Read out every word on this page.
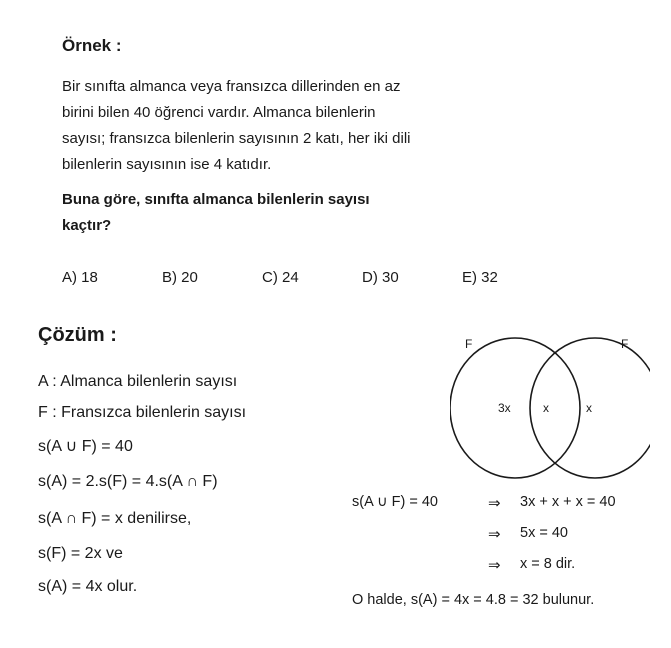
Örnek :
Bir sınıfta almanca veya fransızca dillerinden en az
birini bilen 40 öğrenci vardır. Almanca bilenlerin
sayısı; fransızca bilenlerin sayısının 2 katı, her iki dili
bilenlerin sayısının ise 4 katıdır.
Buna göre, sınıfta almanca bilenlerin sayısı
kaçtır?
A) 18	B) 20	C) 24	D) 30	E) 32
Çözüm :
A : Almanca bilenlerin sayısı
F : Fransızca bilenlerin sayısı
s(A ∪ F) = 40
s(A) = 2.s(F) = 4.s(A ∩ F)
s(A ∩ F) = x denilirse,
s(F) = 2x ve
s(A) = 4x olur.
F	F
3x	x	x
s(A ∪ F) = 40	⇒ 3x + x + x = 40
⇒ 5x = 40
⇒ x = 8 dir.
O halde, s(A) = 4x = 4.8 = 32 bulunur.
